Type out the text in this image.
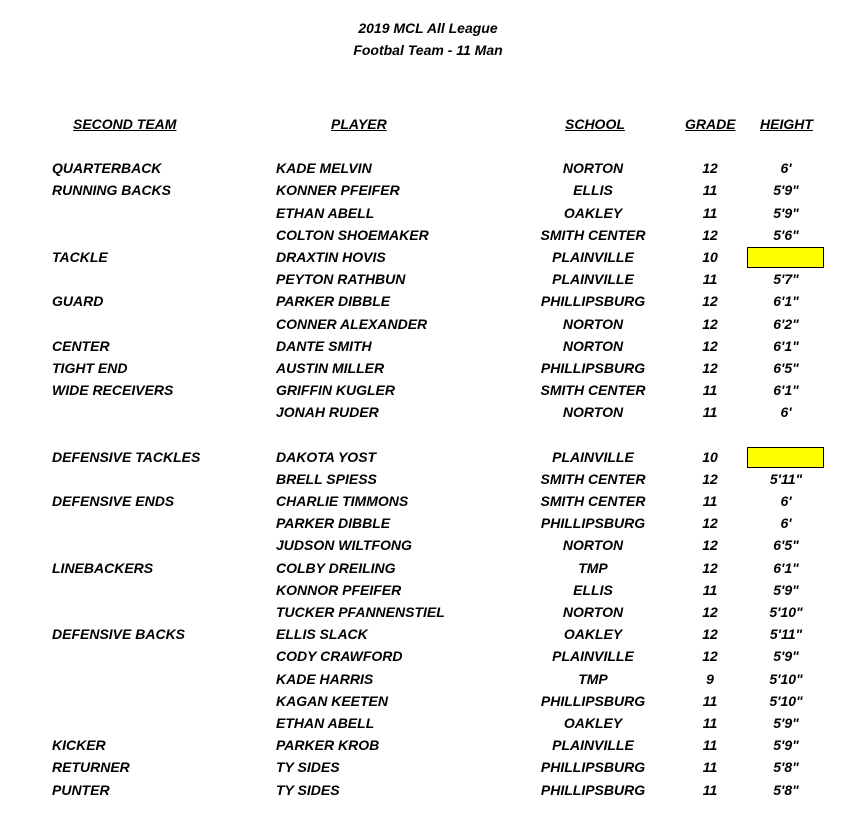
2019 MCL All League
Footbal Team - 11 Man
SECOND TEAM	PLAYER	SCHOOL	GRADE HEIGHT
QUARTERBACK	KADE MELVIN	NORTON	12	6'
RUNNING BACKS	KONNER PFEIFER	ELLIS	11	5'9"
ETHAN ABELL	OAKLEY	11	5'9"
COLTON SHOEMAKER	SMITH CENTER	12	5'6"
TACKLE	DRAXTIN HOVIS	PLAINVILLE	10
PEYTON RATHBUN	PLAINVILLE	11	5'7"
GUARD	PARKER DIBBLE	PHILLIPSBURG	12	6'1"
CONNER ALEXANDER	NORTON	12	6'2"
CENTER	DANTE SMITH	NORTON	12	6'1"
TIGHT END	AUSTIN MILLER	PHILLIPSBURG	12	6'5"
WIDE RECEIVERS	GRIFFIN KUGLER	SMITH CENTER	11	6'1"
JONAH RUDER	NORTON	11	6'
DEFENSIVE TACKLES	DAKOTA YOST	PLAINVILLE	10
BRELL SPIESS	SMITH CENTER	12	5'11"
DEFENSIVE ENDS	CHARLIE TIMMONS	SMITH CENTER	11	6'
PARKER DIBBLE	PHILLIPSBURG	12	6'
JUDSON WILTFONG	NORTON	12	6'5"
LINEBACKERS	COLBY DREILING	TMP	12	6'1"
KONNOR PFEIFER	ELLIS	11	5'9"
TUCKER PFANNENSTIEL	NORTON	12	5'10"
DEFENSIVE BACKS	ELLIS SLACK	OAKLEY	12	5'11"
CODY CRAWFORD	PLAINVILLE	12	5'9"
KADE HARRIS	TMP	9	5'10"
KAGAN KEETEN	PHILLIPSBURG	11	5'10"
ETHAN ABELL	OAKLEY	11	5'9"
KICKER	PARKER KROB	PLAINVILLE	11	5'9"
RETURNER	TY SIDES	PHILLIPSBURG	11	5'8"
PUNTER	TY SIDES	PHILLIPSBURG	11	5'8"
